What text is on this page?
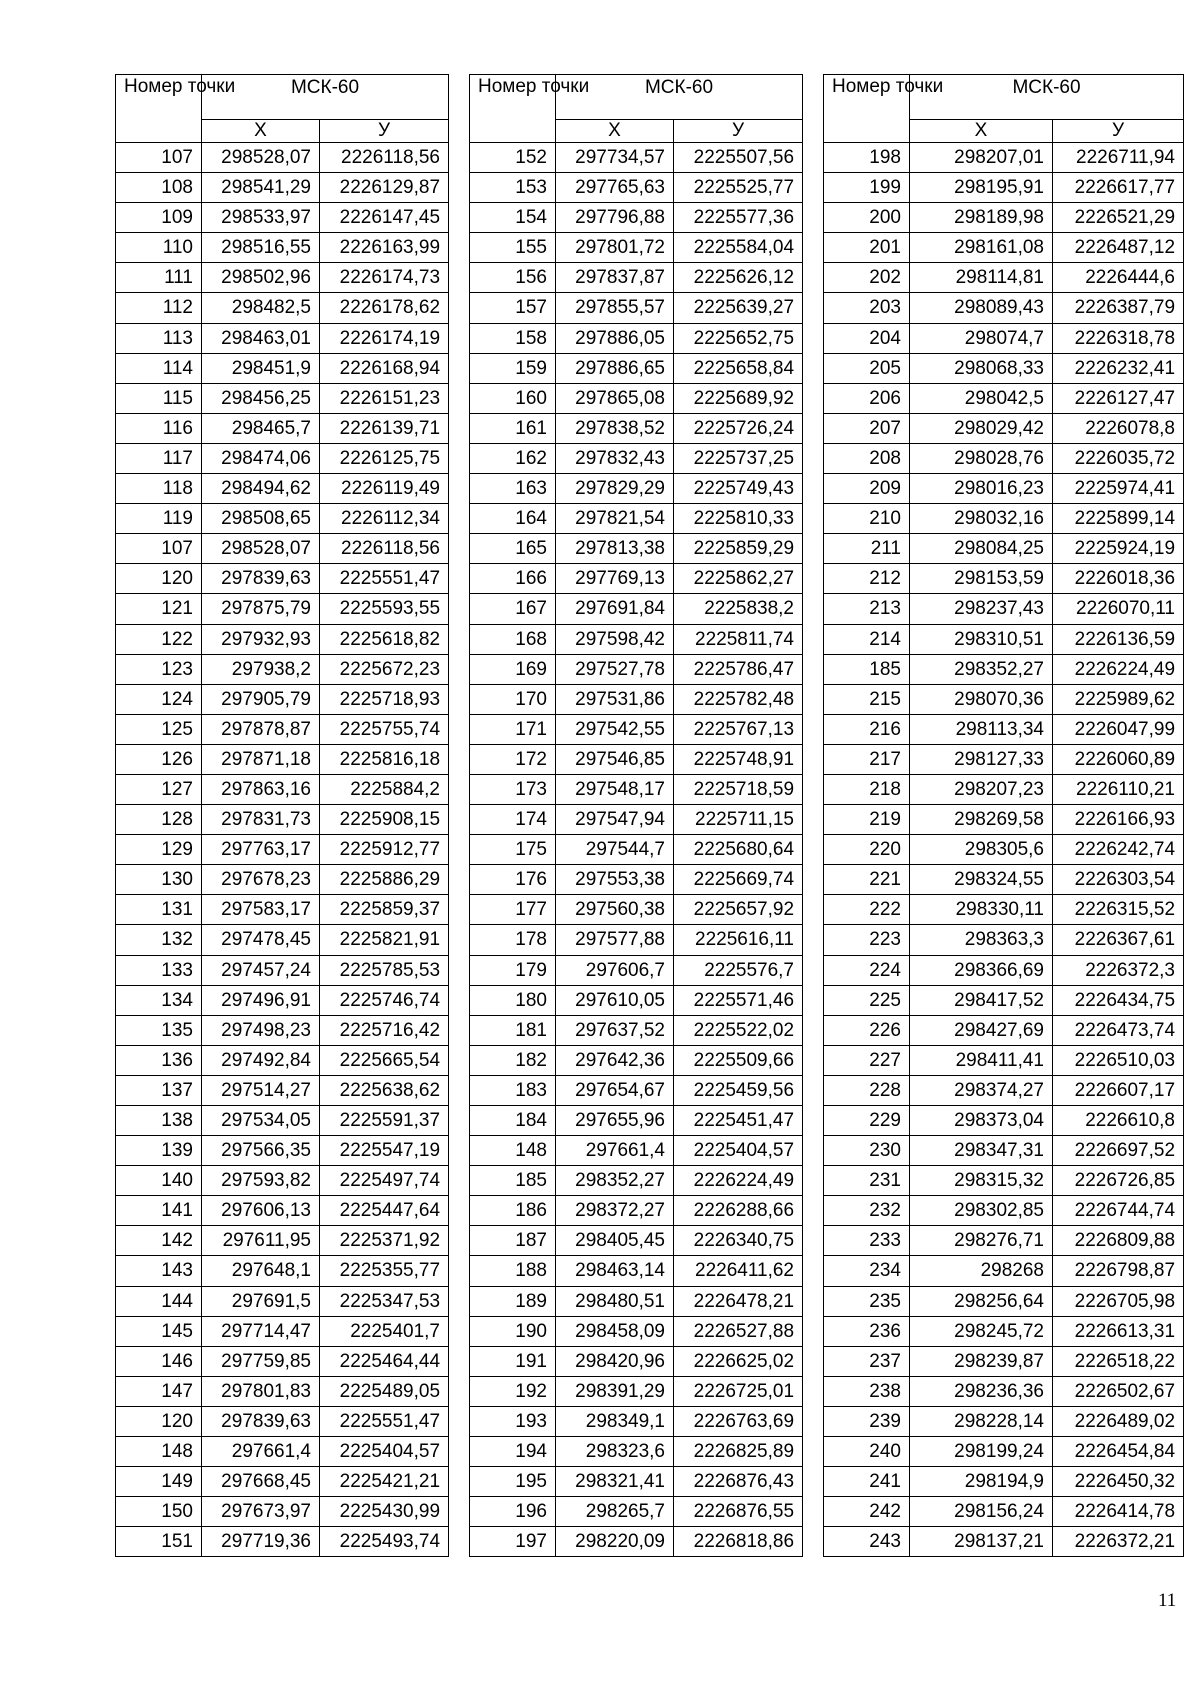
Номер точки	МСК-60	
	Х	У
107	298528,07	2226118,56
108	298541,29	2226129,87
109	298533,97	2226147,45
110	298516,55	2226163,99
111	298502,96	2226174,73
112	298482,5	2226178,62
113	298463,01	2226174,19
114	298451,9	2226168,94
115	298456,25	2226151,23
116	298465,7	2226139,71
117	298474,06	2226125,75
118	298494,62	2226119,49
119	298508,65	2226112,34
107	298528,07	2226118,56
120	297839,63	2225551,47
121	297875,79	2225593,55
122	297932,93	2225618,82
123	297938,2	2225672,23
124	297905,79	2225718,93
125	297878,87	2225755,74
126	297871,18	2225816,18
127	297863,16	2225884,2
128	297831,73	2225908,15
129	297763,17	2225912,77
130	297678,23	2225886,29
131	297583,17	2225859,37
132	297478,45	2225821,91
133	297457,24	2225785,53
134	297496,91	2225746,74
135	297498,23	2225716,42
136	297492,84	2225665,54
137	297514,27	2225638,62
138	297534,05	2225591,37
139	297566,35	2225547,19
140	297593,82	2225497,74
141	297606,13	2225447,64
142	297611,95	2225371,92
143	297648,1	2225355,77
144	297691,5	2225347,53
145	297714,47	2225401,7
146	297759,85	2225464,44
147	297801,83	2225489,05
120	297839,63	2225551,47
148	297661,4	2225404,57
149	297668,45	2225421,21
150	297673,97	2225430,99
151	297719,36	2225493,74
Номер точки	МСК-60	
	Х	У
152	297734,57	2225507,56
153	297765,63	2225525,77
154	297796,88	2225577,36
155	297801,72	2225584,04
156	297837,87	2225626,12
157	297855,57	2225639,27
158	297886,05	2225652,75
159	297886,65	2225658,84
160	297865,08	2225689,92
161	297838,52	2225726,24
162	297832,43	2225737,25
163	297829,29	2225749,43
164	297821,54	2225810,33
165	297813,38	2225859,29
166	297769,13	2225862,27
167	297691,84	2225838,2
168	297598,42	2225811,74
169	297527,78	2225786,47
170	297531,86	2225782,48
171	297542,55	2225767,13
172	297546,85	2225748,91
173	297548,17	2225718,59
174	297547,94	2225711,15
175	297544,7	2225680,64
176	297553,38	2225669,74
177	297560,38	2225657,92
178	297577,88	2225616,11
179	297606,7	2225576,7
180	297610,05	2225571,46
181	297637,52	2225522,02
182	297642,36	2225509,66
183	297654,67	2225459,56
184	297655,96	2225451,47
148	297661,4	2225404,57
185	298352,27	2226224,49
186	298372,27	2226288,66
187	298405,45	2226340,75
188	298463,14	2226411,62
189	298480,51	2226478,21
190	298458,09	2226527,88
191	298420,96	2226625,02
192	298391,29	2226725,01
193	298349,1	2226763,69
194	298323,6	2226825,89
195	298321,41	2226876,43
196	298265,7	2226876,55
197	298220,09	2226818,86
Номер точки	МСК-60	
	Х	У
198	298207,01	2226711,94
199	298195,91	2226617,77
200	298189,98	2226521,29
201	298161,08	2226487,12
202	298114,81	2226444,6
203	298089,43	2226387,79
204	298074,7	2226318,78
205	298068,33	2226232,41
206	298042,5	2226127,47
207	298029,42	2226078,8
208	298028,76	2226035,72
209	298016,23	2225974,41
210	298032,16	2225899,14
211	298084,25	2225924,19
212	298153,59	2226018,36
213	298237,43	2226070,11
214	298310,51	2226136,59
185	298352,27	2226224,49
215	298070,36	2225989,62
216	298113,34	2226047,99
217	298127,33	2226060,89
218	298207,23	2226110,21
219	298269,58	2226166,93
220	298305,6	2226242,74
221	298324,55	2226303,54
222	298330,11	2226315,52
223	298363,3	2226367,61
224	298366,69	2226372,3
225	298417,52	2226434,75
226	298427,69	2226473,74
227	298411,41	2226510,03
228	298374,27	2226607,17
229	298373,04	2226610,8
230	298347,31	2226697,52
231	298315,32	2226726,85
232	298302,85	2226744,74
233	298276,71	2226809,88
234	298268	2226798,87
235	298256,64	2226705,98
236	298245,72	2226613,31
237	298239,87	2226518,22
238	298236,36	2226502,67
239	298228,14	2226489,02
240	298199,24	2226454,84
241	298194,9	2226450,32
242	298156,24	2226414,78
243	298137,21	2226372,21
11
